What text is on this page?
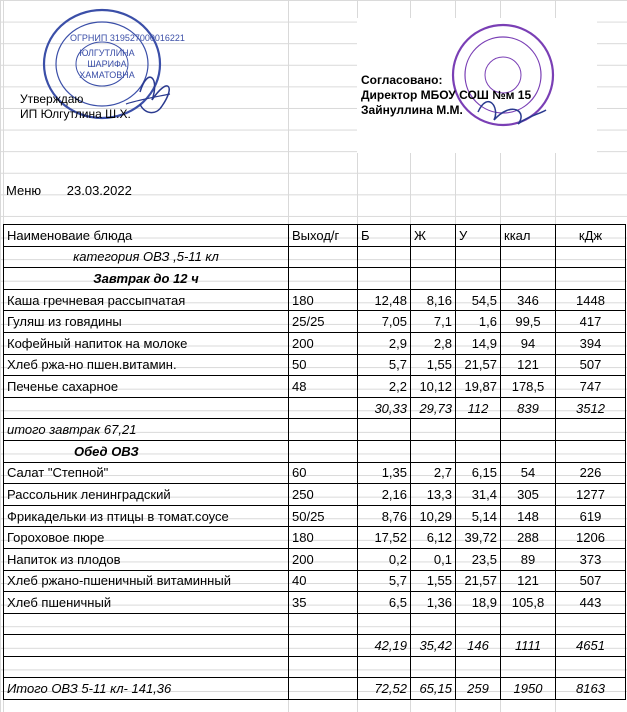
ОГРНИП 319527000016221
ЮЛГУТЛИНА ШАРИФА ХАМАТОВНА
Утверждаю
ИП Юлгутлина Ш.Х.
Согласовано:
Директор МБОУ СОШ №м 15
Зайнуллина М.М.
Меню 23.03.2022
Наименоваие блюда	Выход/г	Б	Ж	У	ккал	кДж
категория ОВЗ ,5-11 кл						
Завтрак до 12 ч						
Каша гречневая рассыпчатая	180	12,48	8,16	54,5	346	1448
Гуляш из говядины	25/25	7,05	7,1	1,6	99,5	417
Кофейный напиток на молоке	200	2,9	2,8	14,9	94	394
Хлеб ржа-но пшен.витамин.	50	5,7	1,55	21,57	121	507
Печенье сахарное	48	2,2	10,12	19,87	178,5	747
		30,33	29,73	112	839	3512
итого завтрак 67,21						
Обед ОВЗ						
Салат "Степной"	60	1,35	2,7	6,15	54	226
Рассольник ленинградский	250	2,16	13,3	31,4	305	1277
Фрикадельки из птицы в томат.соусе	50/25	8,76	10,29	5,14	148	619
Гороховое пюре	180	17,52	6,12	39,72	288	1206
Напиток из плодов	200	0,2	0,1	23,5	89	373
Хлеб ржано-пшеничный витаминный	40	5,7	1,55	21,57	121	507
Хлеб пшеничный	35	6,5	1,36	18,9	105,8	443

		42,19	35,42	146	1111	4651

Итого ОВЗ 5-11 кл- 141,36		72,52	65,15	259	1950	8163
